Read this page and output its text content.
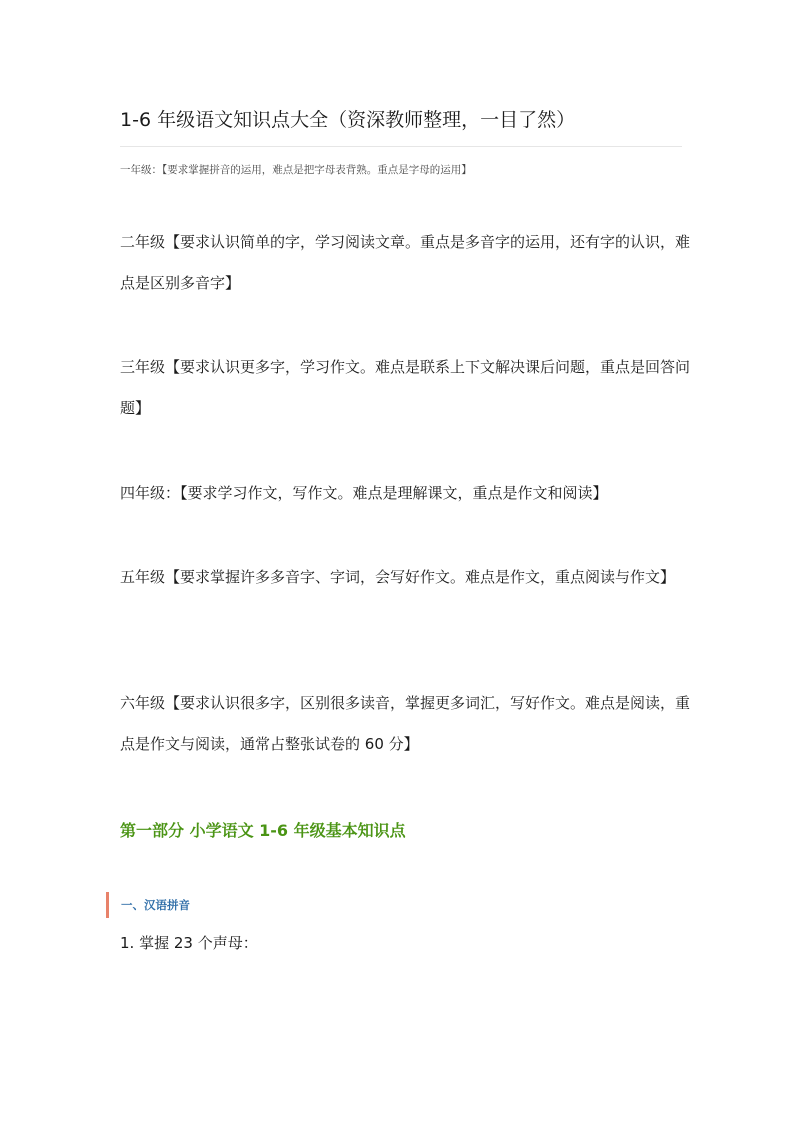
1-6 年级语文知识点大全（资深教师整理，一目了然）

一年级：【要求掌握拼音的运用，难点是把字母表背熟。重点是字母的运用】

二年级【要求认识简单的字，学习阅读文章。重点是多音字的运用，还有字的认识，难点是区别多音字】

三年级【要求认识更多字，学习作文。难点是联系上下文解决课后问题，重点是回答问题】

四年级：【要求学习作文，写作文。难点是理解课文，重点是作文和阅读】

五年级【要求掌握许多多音字、字词，会写好作文。难点是作文，重点阅读与作文】

六年级【要求认识很多字，区别很多读音，掌握更多词汇，写好作文。难点是阅读，重点是作文与阅读，通常占整张试卷的 60 分】

第一部分 小学语文 1-6 年级基本知识点
一、汉语拼音

1. 掌握 23 个声母：
